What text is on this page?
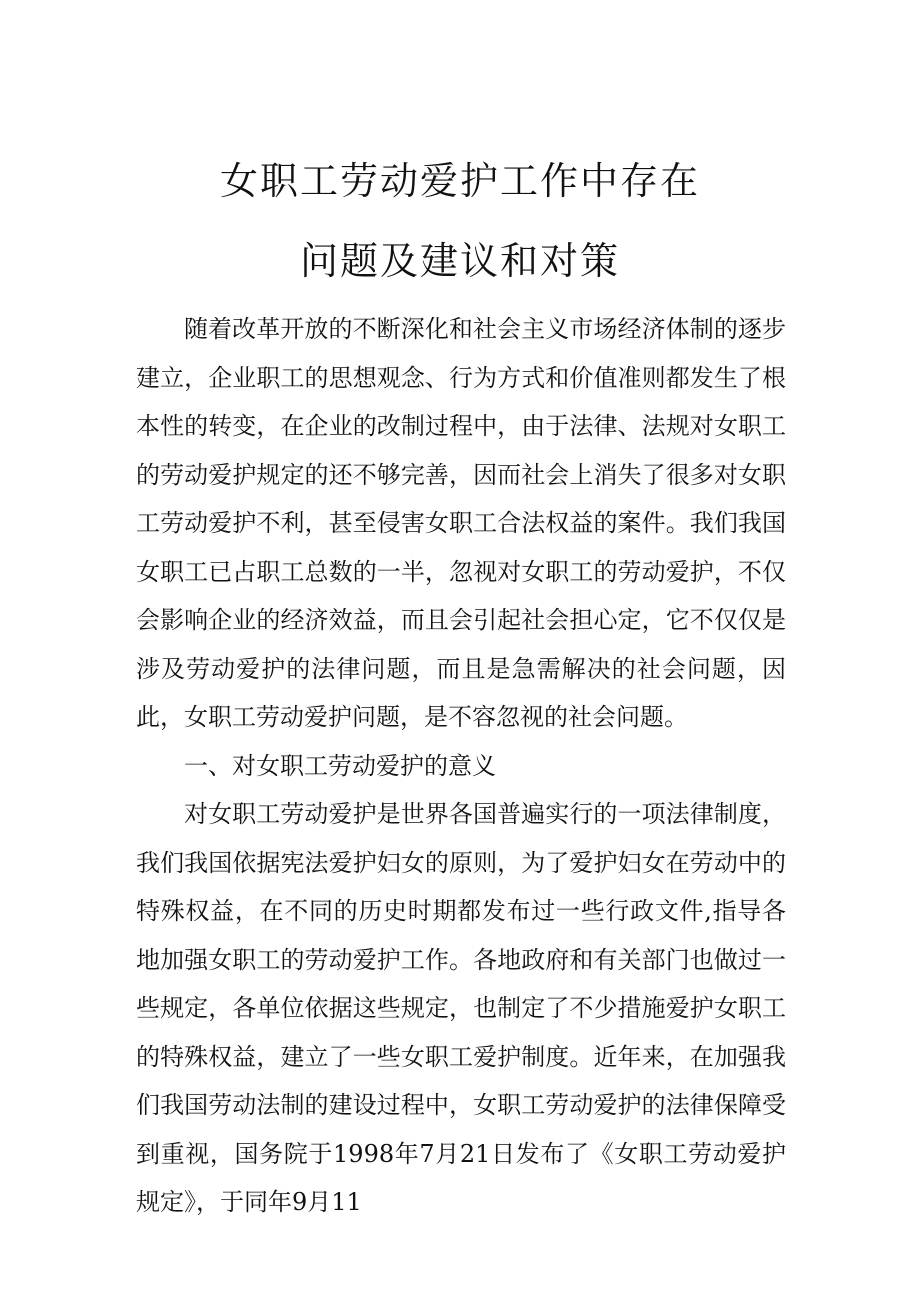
女职工劳动爱护工作中存在
问题及建议和对策

随着改革开放的不断深化和社会主义市场经济体制的逐步建立，企业职工的思想观念、行为方式和价值准则都发生了根本性的转变，在企业的改制过程中，由于法律、法规对女职工的劳动爱护规定的还不够完善，因而社会上消失了很多对女职工劳动爱护不利，甚至侵害女职工合法权益的案件。我们我国女职工已占职工总数的一半，忽视对女职工的劳动爱护，不仅会影响企业的经济效益，而且会引起社会担心定，它不仅仅是涉及劳动爱护的法律问题，而且是急需解决的社会问题，因此，女职工劳动爱护问题，是不容忽视的社会问题。

一、对女职工劳动爱护的意义

对女职工劳动爱护是世界各国普遍实行的一项法律制度，我们我国依据宪法爱护妇女的原则，为了爱护妇女在劳动中的特殊权益，在不同的历史时期都发布过一些行政文件,指导各地加强女职工的劳动爱护工作。各地政府和有关部门也做过一些规定，各单位依据这些规定，也制定了不少措施爱护女职工的特殊权益，建立了一些女职工爱护制度。近年来，在加强我们我国劳动法制的建设过程中，女职工劳动爱护的法律保障受到重视，国务院于1998年7月21日发布了《女职工劳动爱护规定》，于同年9月11
